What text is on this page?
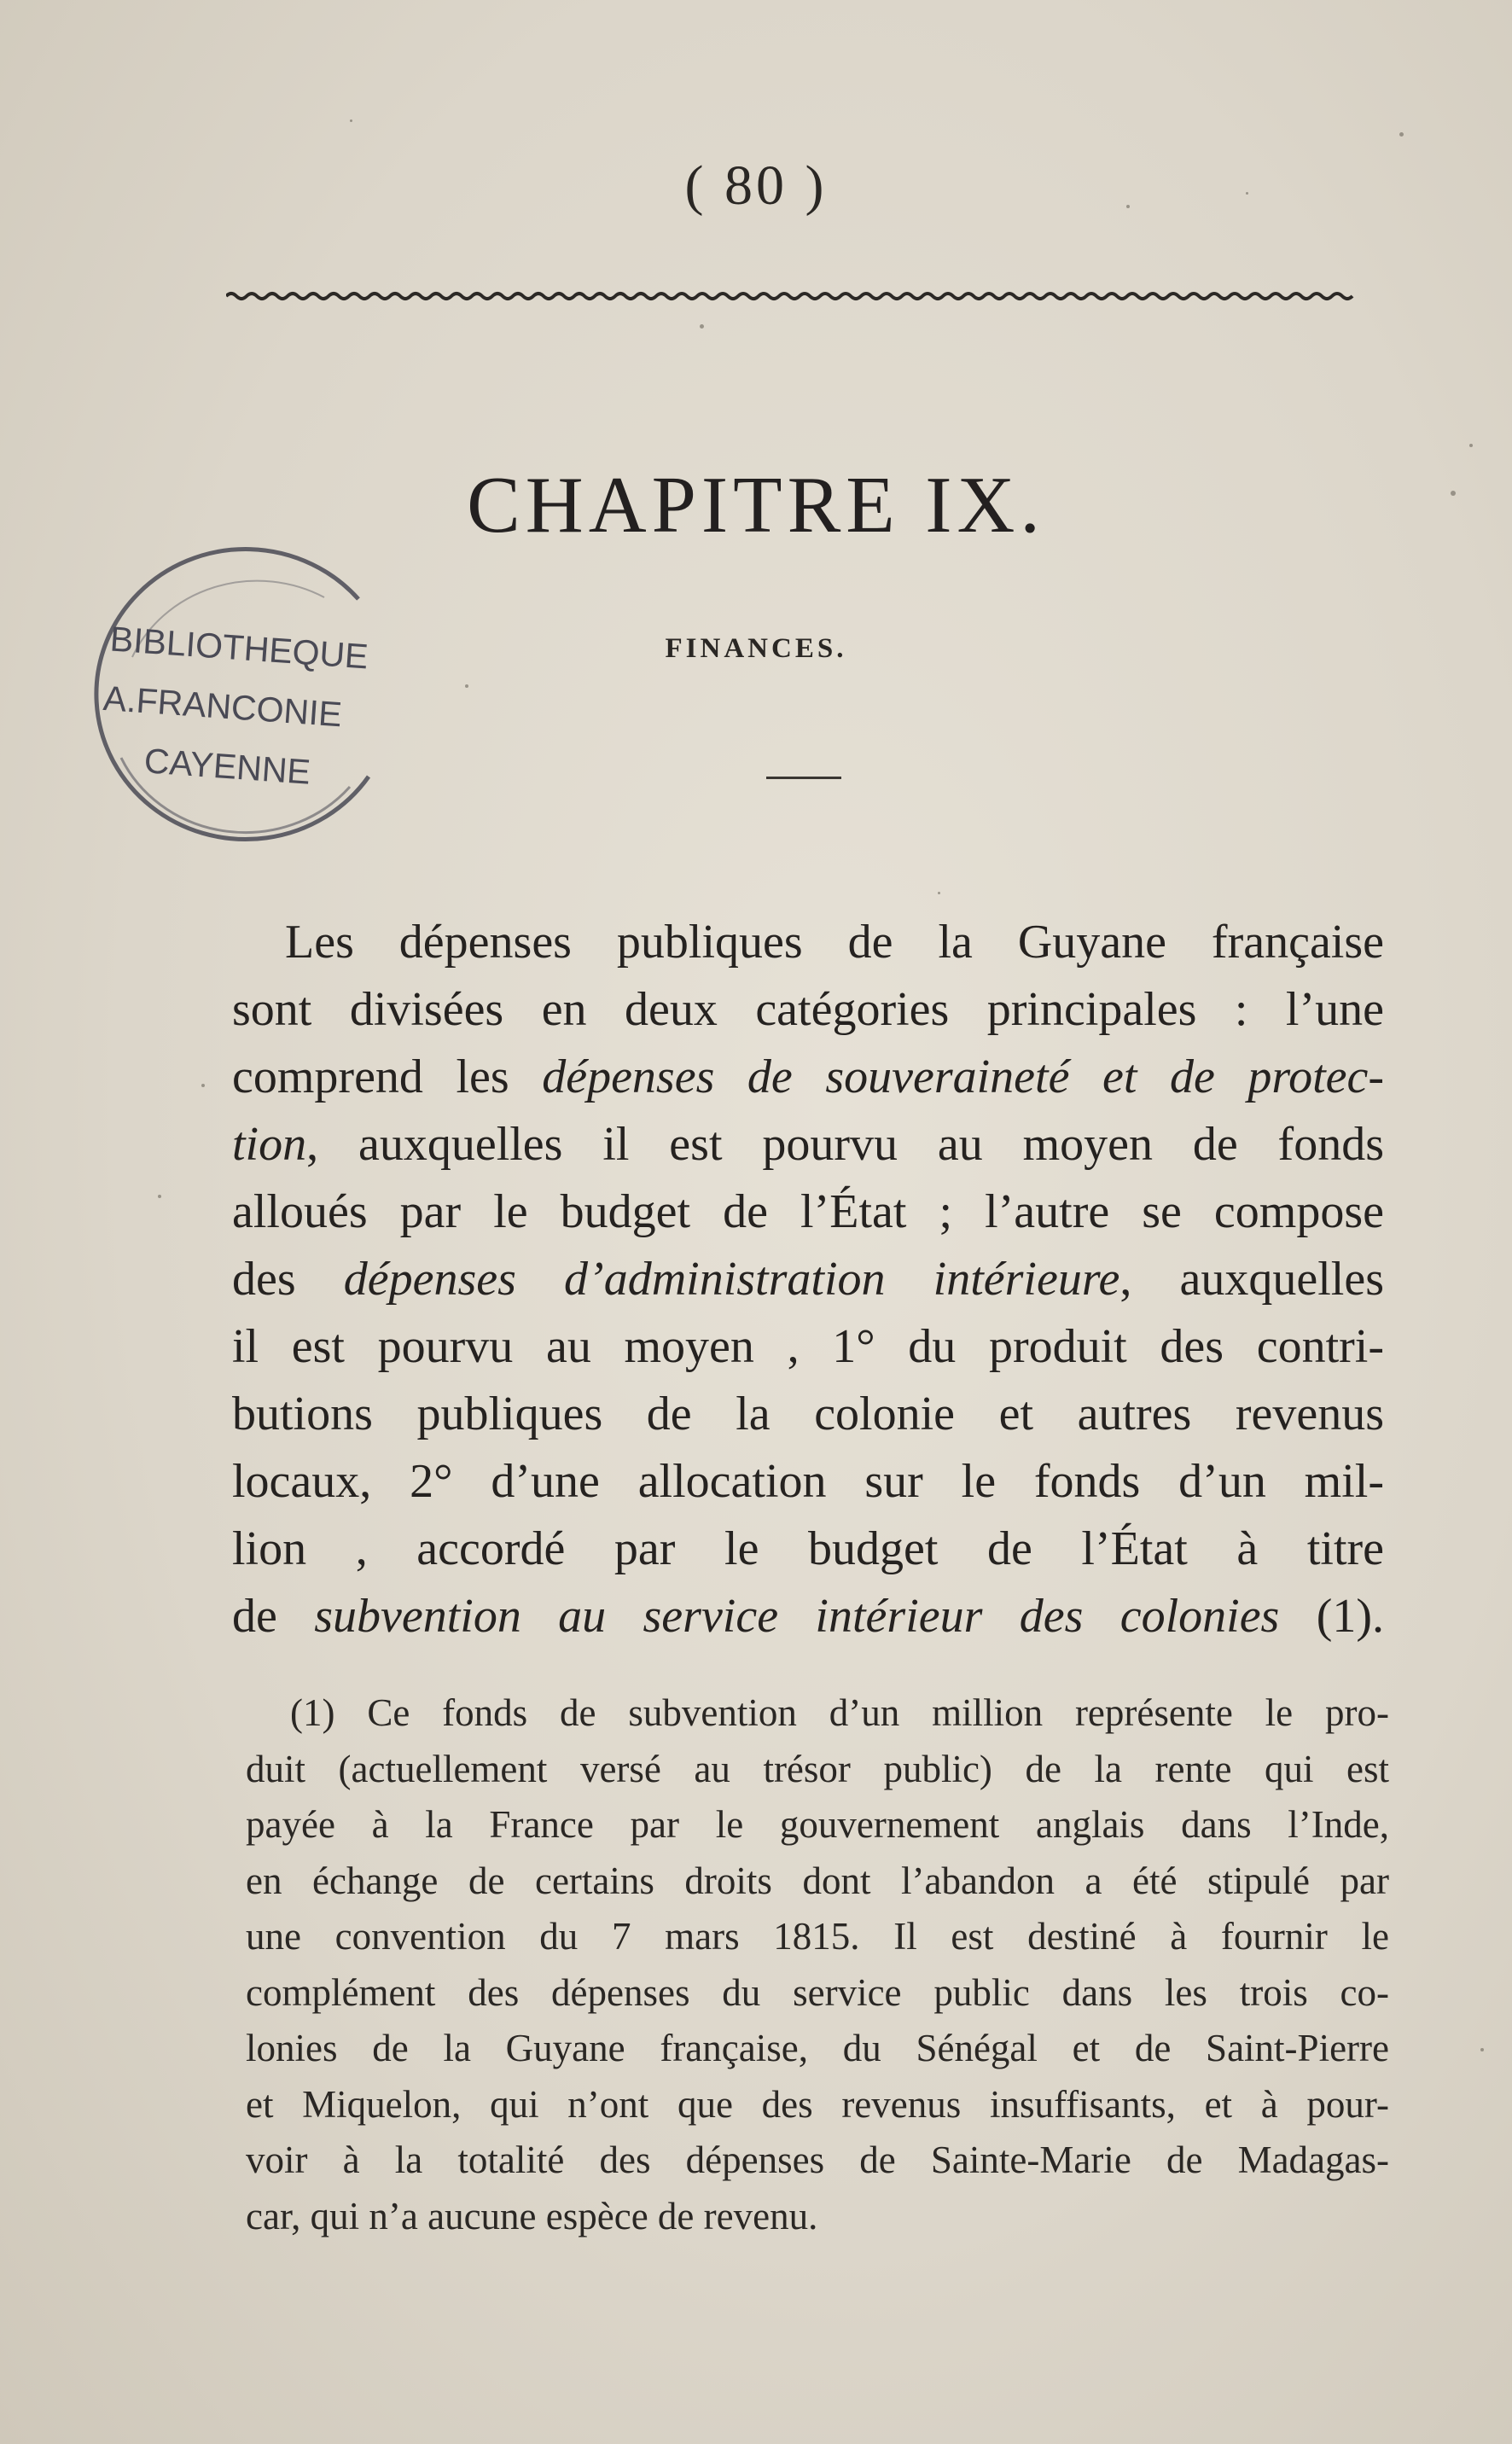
( 80 )
CHAPITRE IX.
FINANCES.
BIBLIOTHEQUE
A.FRANCONIE
CAYENNE
Les dépenses publiques de la Guyane française
sont divisées en deux catégories principales : l’une
comprend les dépenses de souveraineté et de protec-
tion, auxquelles il est pourvu au moyen de fonds
alloués par le budget de l’État ; l’autre se compose
des dépenses d’administration intérieure, auxquelles
il est pourvu au moyen , 1° du produit des contri-
butions publiques de la colonie et autres revenus
locaux, 2° d’une allocation sur le fonds d’un mil-
lion , accordé par le budget de l’État à titre
de subvention au service intérieur des colonies (1).
(1) Ce fonds de subvention d’un million représente le pro-
duit (actuellement versé au trésor public) de la rente qui est
payée à la France par le gouvernement anglais dans l’Inde,
en échange de certains droits dont l’abandon a été stipulé par
une convention du 7 mars 1815. Il est destiné à fournir le
complément des dépenses du service public dans les trois co-
lonies de la Guyane française, du Sénégal et de Saint-Pierre
et Miquelon, qui n’ont que des revenus insuffisants, et à pour-
voir à la totalité des dépenses de Sainte-Marie de Madagas-
car, qui n’a aucune espèce de revenu.
